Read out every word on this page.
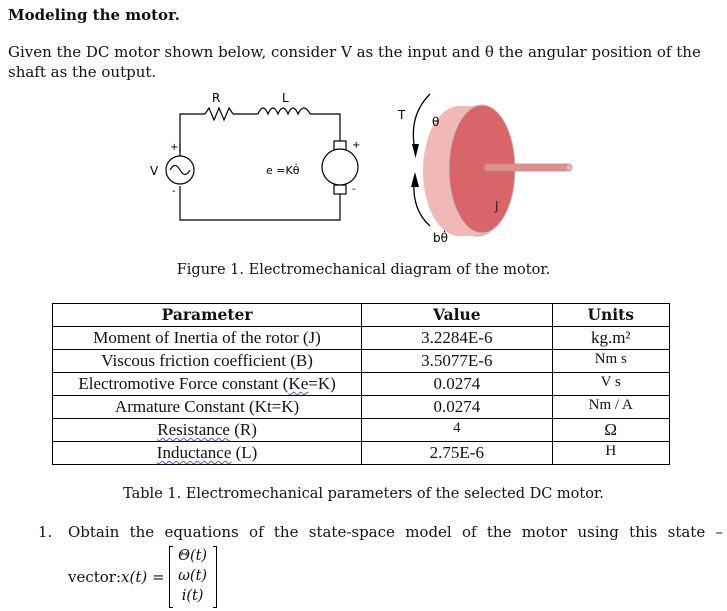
Modeling the motor.
Given the DC motor shown below, consider V as the input and θ the angular position of the shaft as the output.
R	L
V
+
-
+
-
e =Kθ̇
T θ
J
bθ̇
Figure 1. Electromechanical diagram of the motor.
Parameter	Value	Units
Moment of Inertia of the rotor (J)	3.2284E-6	kg.m²
Viscous friction coefficient (B)	3.5077E-6	Nm s
Electromotive Force constant (Ke=K)	0.0274	V s
Armature Constant (Kt=K)	0.0274	Nm / A
Resistance (R)	4	Ω
Inductance (L)	2.75E-6	H
Table 1. Electromechanical parameters of the selected DC motor.
1.	Obtain the equations of the state-space model of the motor using this state –
vector: x(t) =
Θ(t)
ω(t)
i(t)
